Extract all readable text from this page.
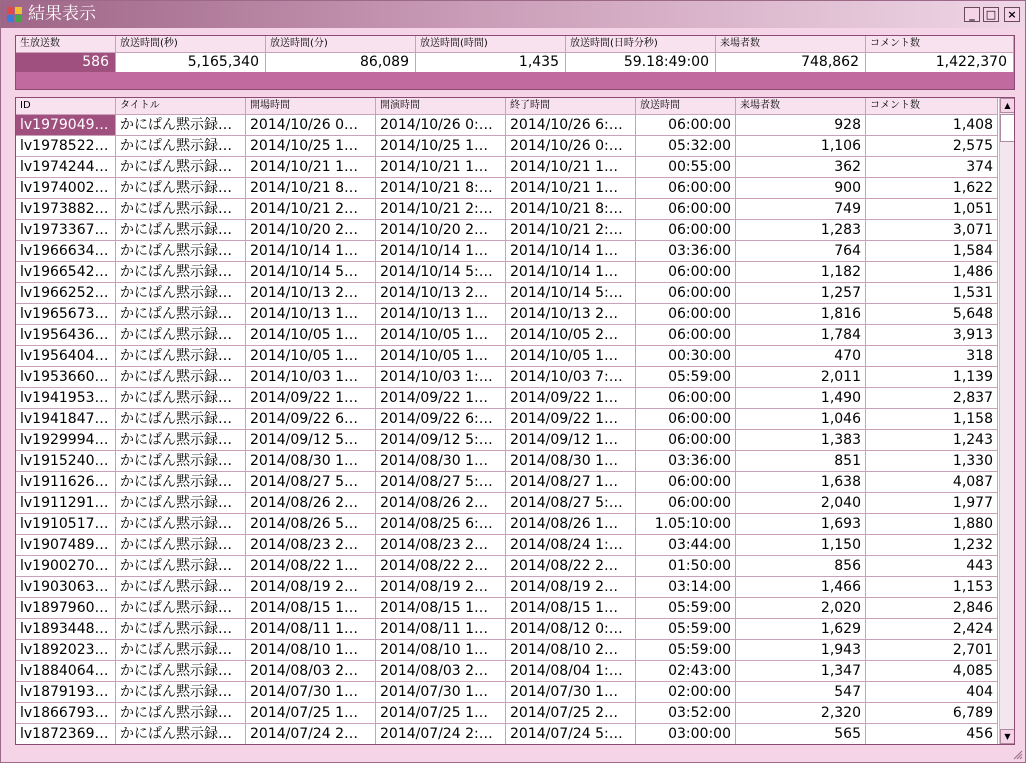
結果表示	_	□	×
生放送数	放送時間(秒)	放送時間(分)	放送時間(時間)	放送時間(日時分秒)	来場者数	コメント数
586	5,165,340	86,089	1,435	59.18:49:00	748,862	1,422,370
ID	タイトル	開場時間	開演時間	終了時間	放送時間	来場者数	コメント数
lv1979049… かにぱん黙示録…	2014/10/26 0…	2014/10/26 0:…	2014/10/26 6:…	06:00:00	928	1,408
lv1978522… かにぱん黙示録…	2014/10/25 1…	2014/10/25 1…	2014/10/26 0:…	05:32:00	1,106	2,575
lv1974244… かにぱん黙示録…	2014/10/21 1…	2014/10/21 1…	2014/10/21 1…	00:55:00	362	374
lv1974002… かにぱん黙示録…	2014/10/21 8…	2014/10/21 8:…	2014/10/21 1…	06:00:00	900	1,622
lv1973882… かにぱん黙示録…	2014/10/21 2…	2014/10/21 2:…	2014/10/21 8:…	06:00:00	749	1,051
lv1973367… かにぱん黙示録…	2014/10/20 2…	2014/10/20 2…	2014/10/21 2:…	06:00:00	1,283	3,071
lv1966634… かにぱん黙示録…	2014/10/14 1…	2014/10/14 1…	2014/10/14 1…	03:36:00	764	1,584
lv1966542… かにぱん黙示録…	2014/10/14 5…	2014/10/14 5:…	2014/10/14 1…	06:00:00	1,182	1,486
lv1966252… かにぱん黙示録…	2014/10/13 2…	2014/10/13 2…	2014/10/14 5:…	06:00:00	1,257	1,531
lv1965673… かにぱん黙示録…	2014/10/13 1…	2014/10/13 1…	2014/10/13 2…	06:00:00	1,816	5,648
lv1956436… かにぱん黙示録…	2014/10/05 1…	2014/10/05 1…	2014/10/05 2…	06:00:00	1,784	3,913
lv1956404… かにぱん黙示録…	2014/10/05 1…	2014/10/05 1…	2014/10/05 1…	00:30:00	470	318
lv1953660… かにぱん黙示録…	2014/10/03 1…	2014/10/03 1:…	2014/10/03 7:…	05:59:00	2,011	1,139
lv1941953… かにぱん黙示録…	2014/09/22 1…	2014/09/22 1…	2014/09/22 1…	06:00:00	1,490	2,837
lv1941847… かにぱん黙示録…	2014/09/22 6…	2014/09/22 6:…	2014/09/22 1…	06:00:00	1,046	1,158
lv1929994… かにぱん黙示録…	2014/09/12 5…	2014/09/12 5:…	2014/09/12 1…	06:00:00	1,383	1,243
lv1915240… かにぱん黙示録…	2014/08/30 1…	2014/08/30 1…	2014/08/30 1…	03:36:00	851	1,330
lv1911626… かにぱん黙示録…	2014/08/27 5…	2014/08/27 5:…	2014/08/27 1…	06:00:00	1,638	4,087
lv1911291… かにぱん黙示録…	2014/08/26 2…	2014/08/26 2…	2014/08/27 5:…	06:00:00	2,040	1,977
lv1910517… かにぱん黙示録…	2014/08/26 5…	2014/08/25 6:…	2014/08/26 1…	1.05:10:00	1,693	1,880
lv1907489… かにぱん黙示録…	2014/08/23 2…	2014/08/23 2…	2014/08/24 1:…	03:44:00	1,150	1,232
lv1900270… かにぱん黙示録…	2014/08/22 1…	2014/08/22 2…	2014/08/22 2…	01:50:00	856	443
lv1903063… かにぱん黙示録…	2014/08/19 2…	2014/08/19 2…	2014/08/19 2…	03:14:00	1,466	1,153
lv1897960… かにぱん黙示録…	2014/08/15 1…	2014/08/15 1…	2014/08/15 1…	05:59:00	2,020	2,846
lv1893448… かにぱん黙示録…	2014/08/11 1…	2014/08/11 1…	2014/08/12 0:…	05:59:00	1,629	2,424
lv1892023… かにぱん黙示録…	2014/08/10 1…	2014/08/10 1…	2014/08/10 2…	05:59:00	1,943	2,701
lv1884064… かにぱん黙示録…	2014/08/03 2…	2014/08/03 2…	2014/08/04 1:…	02:43:00	1,347	4,085
lv1879193… かにぱん黙示録…	2014/07/30 1…	2014/07/30 1…	2014/07/30 1…	02:00:00	547	404
lv1866793… かにぱん黙示録…	2014/07/25 1…	2014/07/25 1…	2014/07/25 2…	03:52:00	2,320	6,789
lv1872369… かにぱん黙示録…	2014/07/24 2…	2014/07/24 2:…	2014/07/24 5:…	03:00:00	565	456
▲
▼
